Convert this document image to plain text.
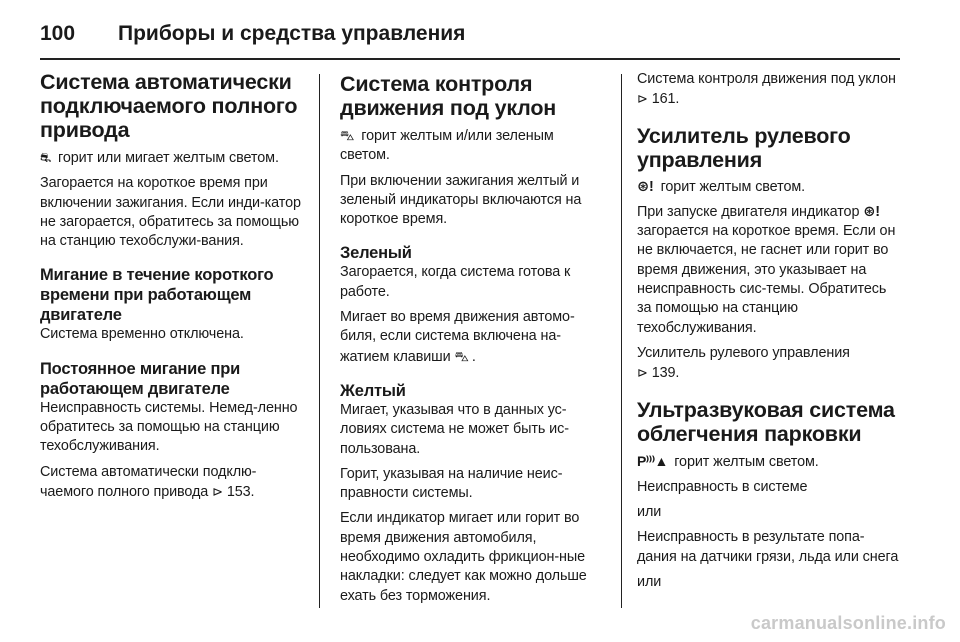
100	Приборы и средства управления
Система автоматически подключаемого полного привода

⛐ горит или мигает желтым светом.

Загорается на короткое время при включении зажигания. Если инди-катор не загорается, обратитесь за помощью на станцию техобслужи-вания.

Мигание в течение короткого времени при работающем двигателе

Система временно отключена.

Постоянное мигание при работающем двигателе

Неисправность системы. Немед-ленно обратитесь за помощью на станцию техобслуживания.

Система автоматически подклю-чаемого полного привода ⊳ 153.

Система контроля движения под уклон

⛍ горит желтым и/или зеленым светом.

При включении зажигания желтый и зеленый индикаторы включаются на короткое время.

Зеленый

Загорается, когда система готова к работе.

Мигает во время движения автомо-биля, если система включена на-жатием клавиши ⛍ .

Желтый

Мигает, указывая что в данных ус-ловиях система не может быть ис-пользована.

Горит, указывая на наличие неис-правности системы.

Если индикатор мигает или горит во время движения автомобиля, необходимо охладить фрикцион-ные накладки: следует как можно дольше ехать без торможения.

Система контроля движения под уклон ⊳ 161.

Усилитель рулевого управления

⊛! горит желтым светом.

При запуске двигателя индикатор ⊛! загорается на короткое время. Если он не включается, не гаснет или горит во время движения, это указывает на неисправность сис-темы. Обратитесь за помощью на станцию техобслуживания.

Усилитель рулевого управления
⊳ 139.

Ультразвуковая система облегчения парковки

P⁾⁾⁾▲ горит желтым светом.

Неисправность в системе

или

Неисправность в результате попа-дания на датчики грязи, льда или снега

или

carmanualsonline.info
